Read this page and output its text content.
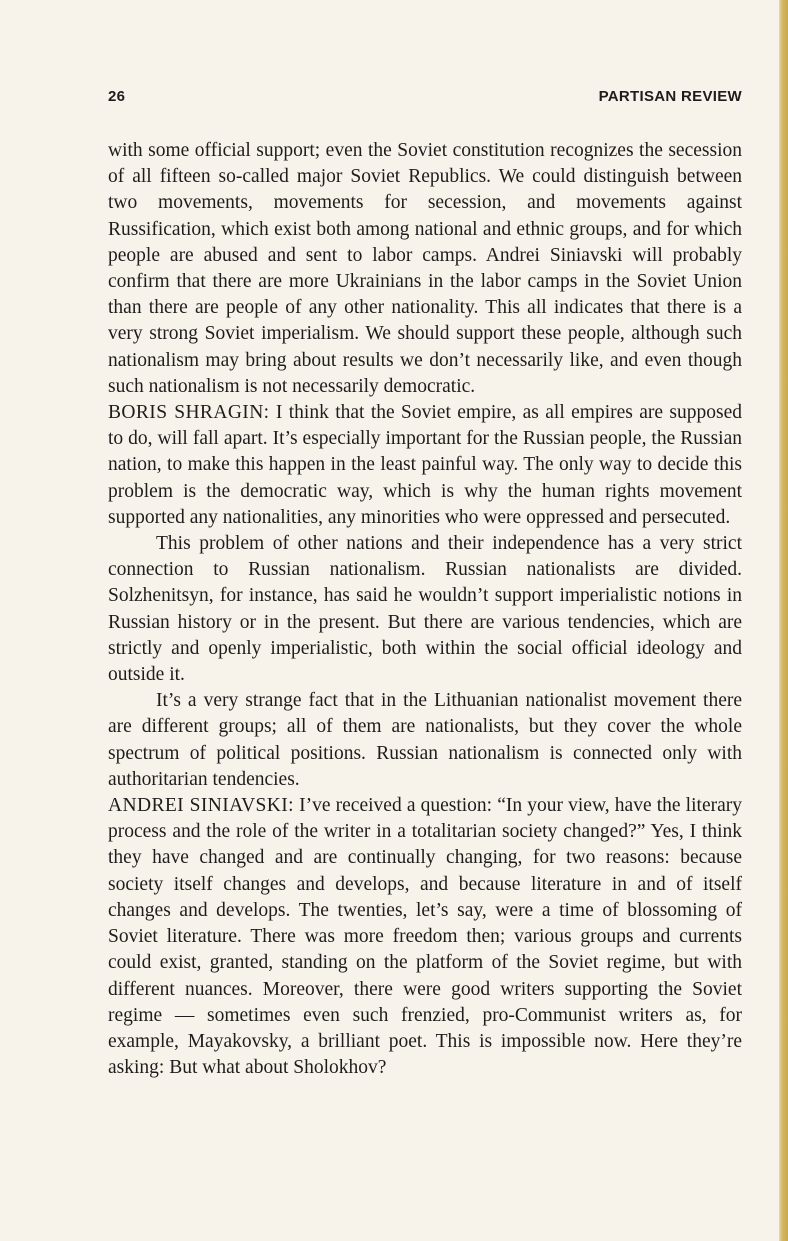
26	PARTISAN REVIEW

with some official support; even the Soviet constitution recognizes the secession of all fifteen so-called major Soviet Republics. We could distinguish between two movements, movements for secession, and movements against Russification, which exist both among national and ethnic groups, and for which people are abused and sent to labor camps. Andrei Siniavski will probably confirm that there are more Ukrainians in the labor camps in the Soviet Union than there are people of any other nationality. This all indicates that there is a very strong Soviet imperialism. We should support these people, although such nationalism may bring about results we don’t necessarily like, and even though such nationalism is not necessarily democratic.

BORIS SHRAGIN: I think that the Soviet empire, as all empires are supposed to do, will fall apart. It’s especially important for the Russian people, the Russian nation, to make this happen in the least painful way. The only way to decide this problem is the democratic way, which is why the human rights movement supported any nationalities, any minorities who were oppressed and persecuted.

This problem of other nations and their independence has a very strict connection to Russian nationalism. Russian nationalists are divided. Solzhenitsyn, for instance, has said he wouldn’t support imperialistic notions in Russian history or in the present. But there are various tendencies, which are strictly and openly imperialistic, both within the social official ideology and outside it.

It’s a very strange fact that in the Lithuanian nationalist movement there are different groups; all of them are nationalists, but they cover the whole spectrum of political positions. Russian nationalism is connected only with authoritarian tendencies.

ANDREI SINIAVSKI: I’ve received a question: “In your view, have the literary process and the role of the writer in a totalitarian society changed?” Yes, I think they have changed and are continually changing, for two reasons: because society itself changes and develops, and because literature in and of itself changes and develops. The twenties, let’s say, were a time of blossoming of Soviet literature. There was more freedom then; various groups and currents could exist, granted, standing on the platform of the Soviet regime, but with different nuances. Moreover, there were good writers supporting the Soviet regime — sometimes even such frenzied, pro-Communist writers as, for example, Mayakovsky, a brilliant poet. This is impossible now. Here they’re asking: But what about Sholokhov?
